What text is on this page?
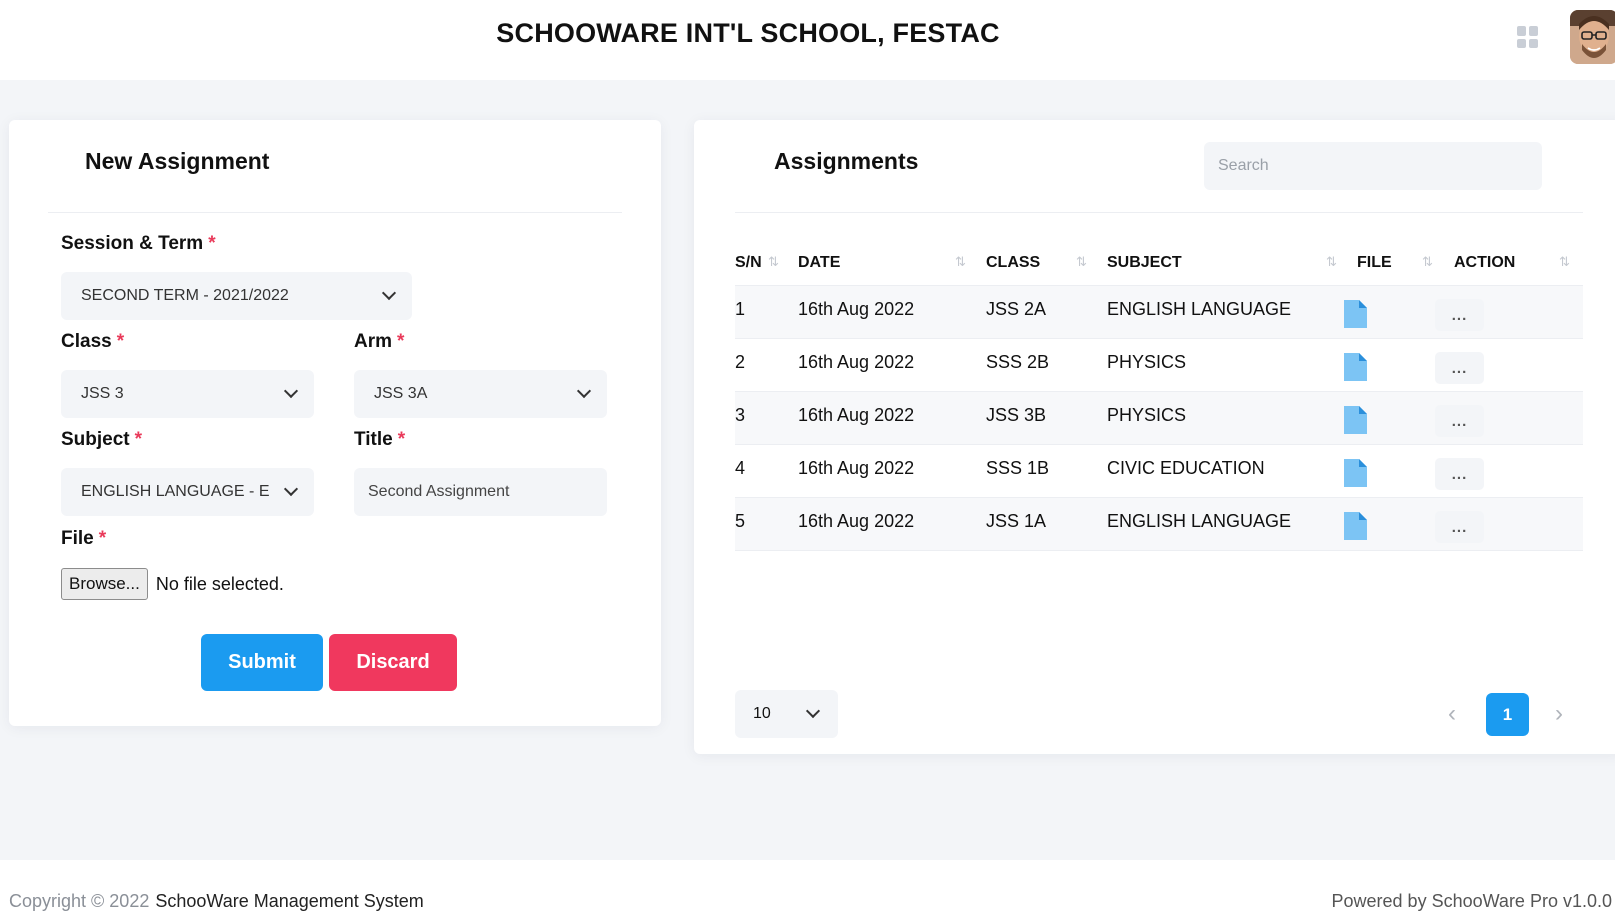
SCHOOWARE INT'L SCHOOL, FESTAC
New Assignment
Session & Term *
SECOND TERM - 2021/2022
Class *
JSS 3
Arm *
JSS 3A
Subject *
ENGLISH LANGUAGE - E
Title *
Second Assignment
File *
Browse... No file selected.
Submit	Discard
Assignments	Search
S/N ⇅ DATE	⇅ CLASS	⇅ SUBJECT	⇅ FILE ⇅ ACTION	⇅
1	16th Aug 2022	JSS 2A	ENGLISH LANGUAGE	...
2	16th Aug 2022	SSS 2B	PHYSICS	...
3	16th Aug 2022	JSS 3B	PHYSICS	...
4	16th Aug 2022	SSS 1B	CIVIC EDUCATION	...
5	16th Aug 2022	JSS 1A	ENGLISH LANGUAGE	...
10	‹	1	›
Copyright © 2022 SchooWare Management System	Powered by SchooWare Pro v1.0.0
